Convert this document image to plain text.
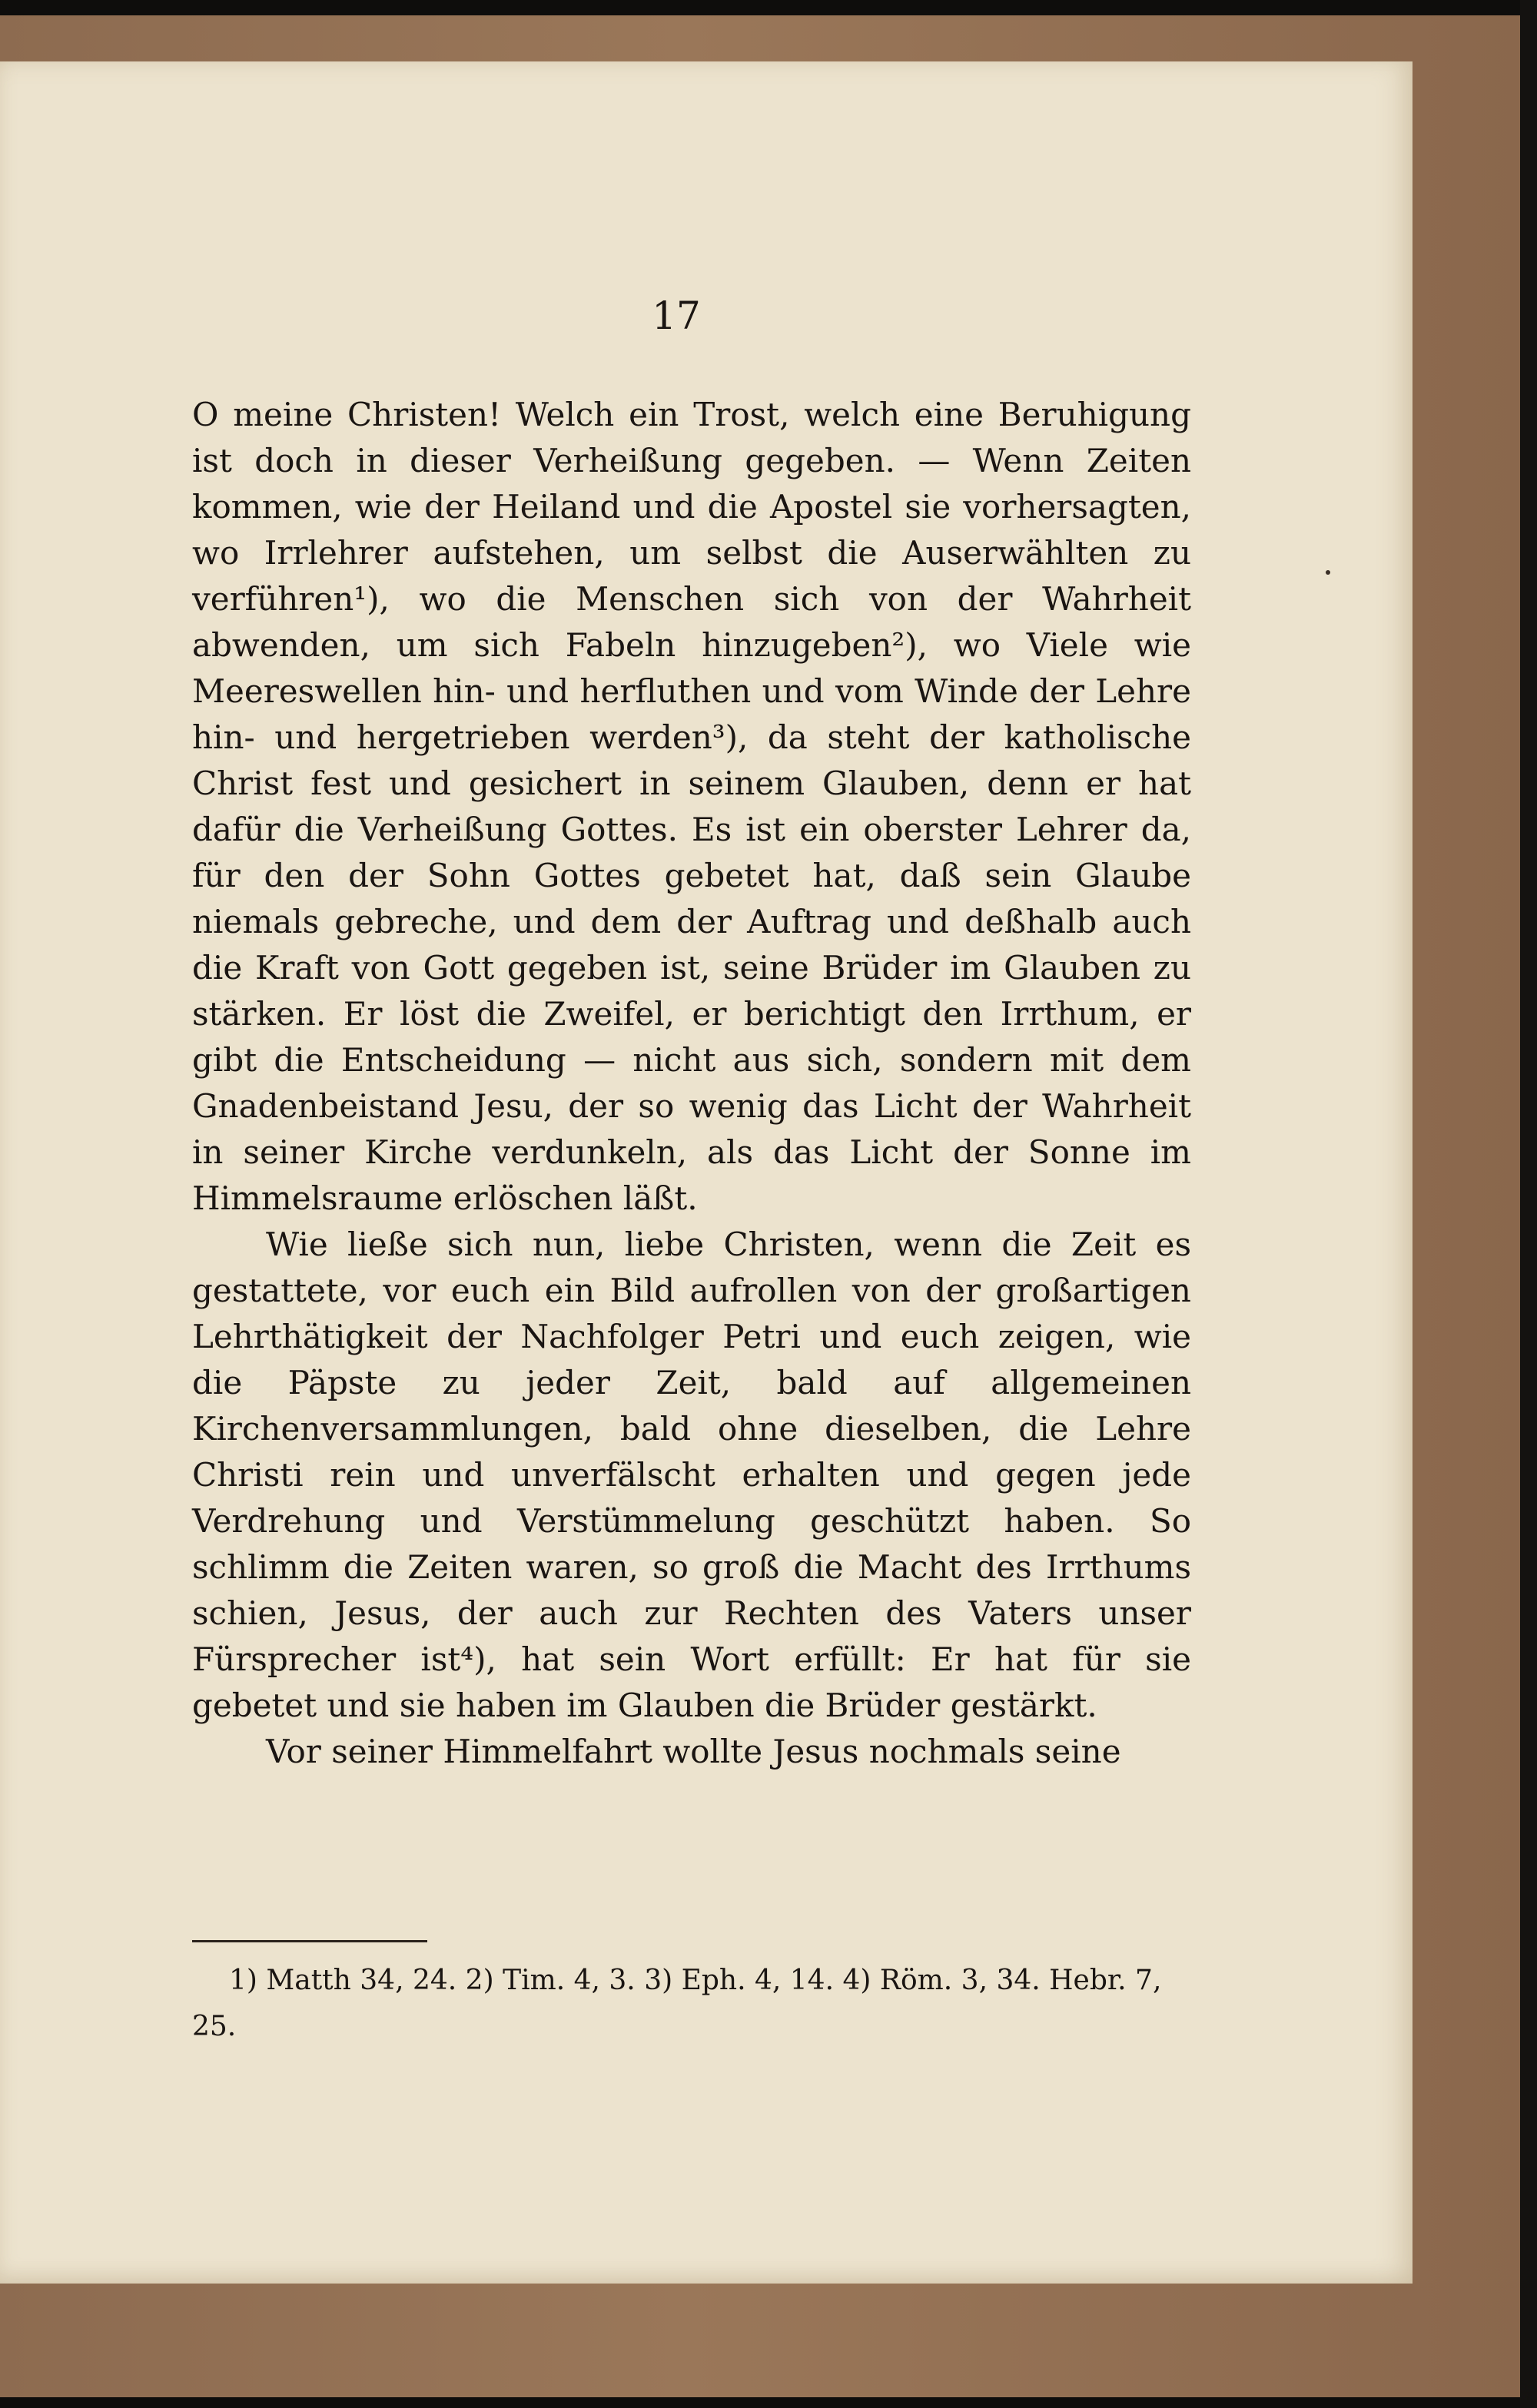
17

O meine Christen! Welch ein Trost, welch eine Beruhigung ist doch in dieser Verheißung gegeben. — Wenn Zeiten kommen, wie der Heiland und die Apostel sie vorhersagten, wo Irrlehrer aufstehen, um selbst die Auserwählten zu verführen¹), wo die Menschen sich von der Wahrheit abwenden, um sich Fabeln hinzugeben²), wo Viele wie Meereswellen hin- und herfluthen und vom Winde der Lehre hin- und hergetrieben werden³), da steht der katholische Christ fest und gesichert in seinem Glauben, denn er hat dafür die Verheißung Gottes. Es ist ein oberster Lehrer da, für den der Sohn Gottes gebetet hat, daß sein Glaube niemals gebreche, und dem der Auftrag und deßhalb auch die Kraft von Gott gegeben ist, seine Brüder im Glauben zu stärken. Er löst die Zweifel, er berichtigt den Irrthum, er gibt die Entscheidung — nicht aus sich, sondern mit dem Gnadenbeistand Jesu, der so wenig das Licht der Wahrheit in seiner Kirche verdunkeln, als das Licht der Sonne im Himmelsraume erlöschen läßt.

Wie ließe sich nun, liebe Christen, wenn die Zeit es gestattete, vor euch ein Bild aufrollen von der großartigen Lehrthätigkeit der Nachfolger Petri und euch zeigen, wie die Päpste zu jeder Zeit, bald auf allgemeinen Kirchenversammlungen, bald ohne dieselben, die Lehre Christi rein und unverfälscht erhalten und gegen jede Verdrehung und Verstümmelung geschützt haben. So schlimm die Zeiten waren, so groß die Macht des Irrthums schien, Jesus, der auch zur Rechten des Vaters unser Fürsprecher ist⁴), hat sein Wort erfüllt: Er hat für sie gebetet und sie haben im Glauben die Brüder gestärkt.

Vor seiner Himmelfahrt wollte Jesus nochmals seine

1) Matth 34, 24. 2) Tim. 4, 3. 3) Eph. 4, 14. 4) Röm. 3, 34. Hebr. 7, 25.
